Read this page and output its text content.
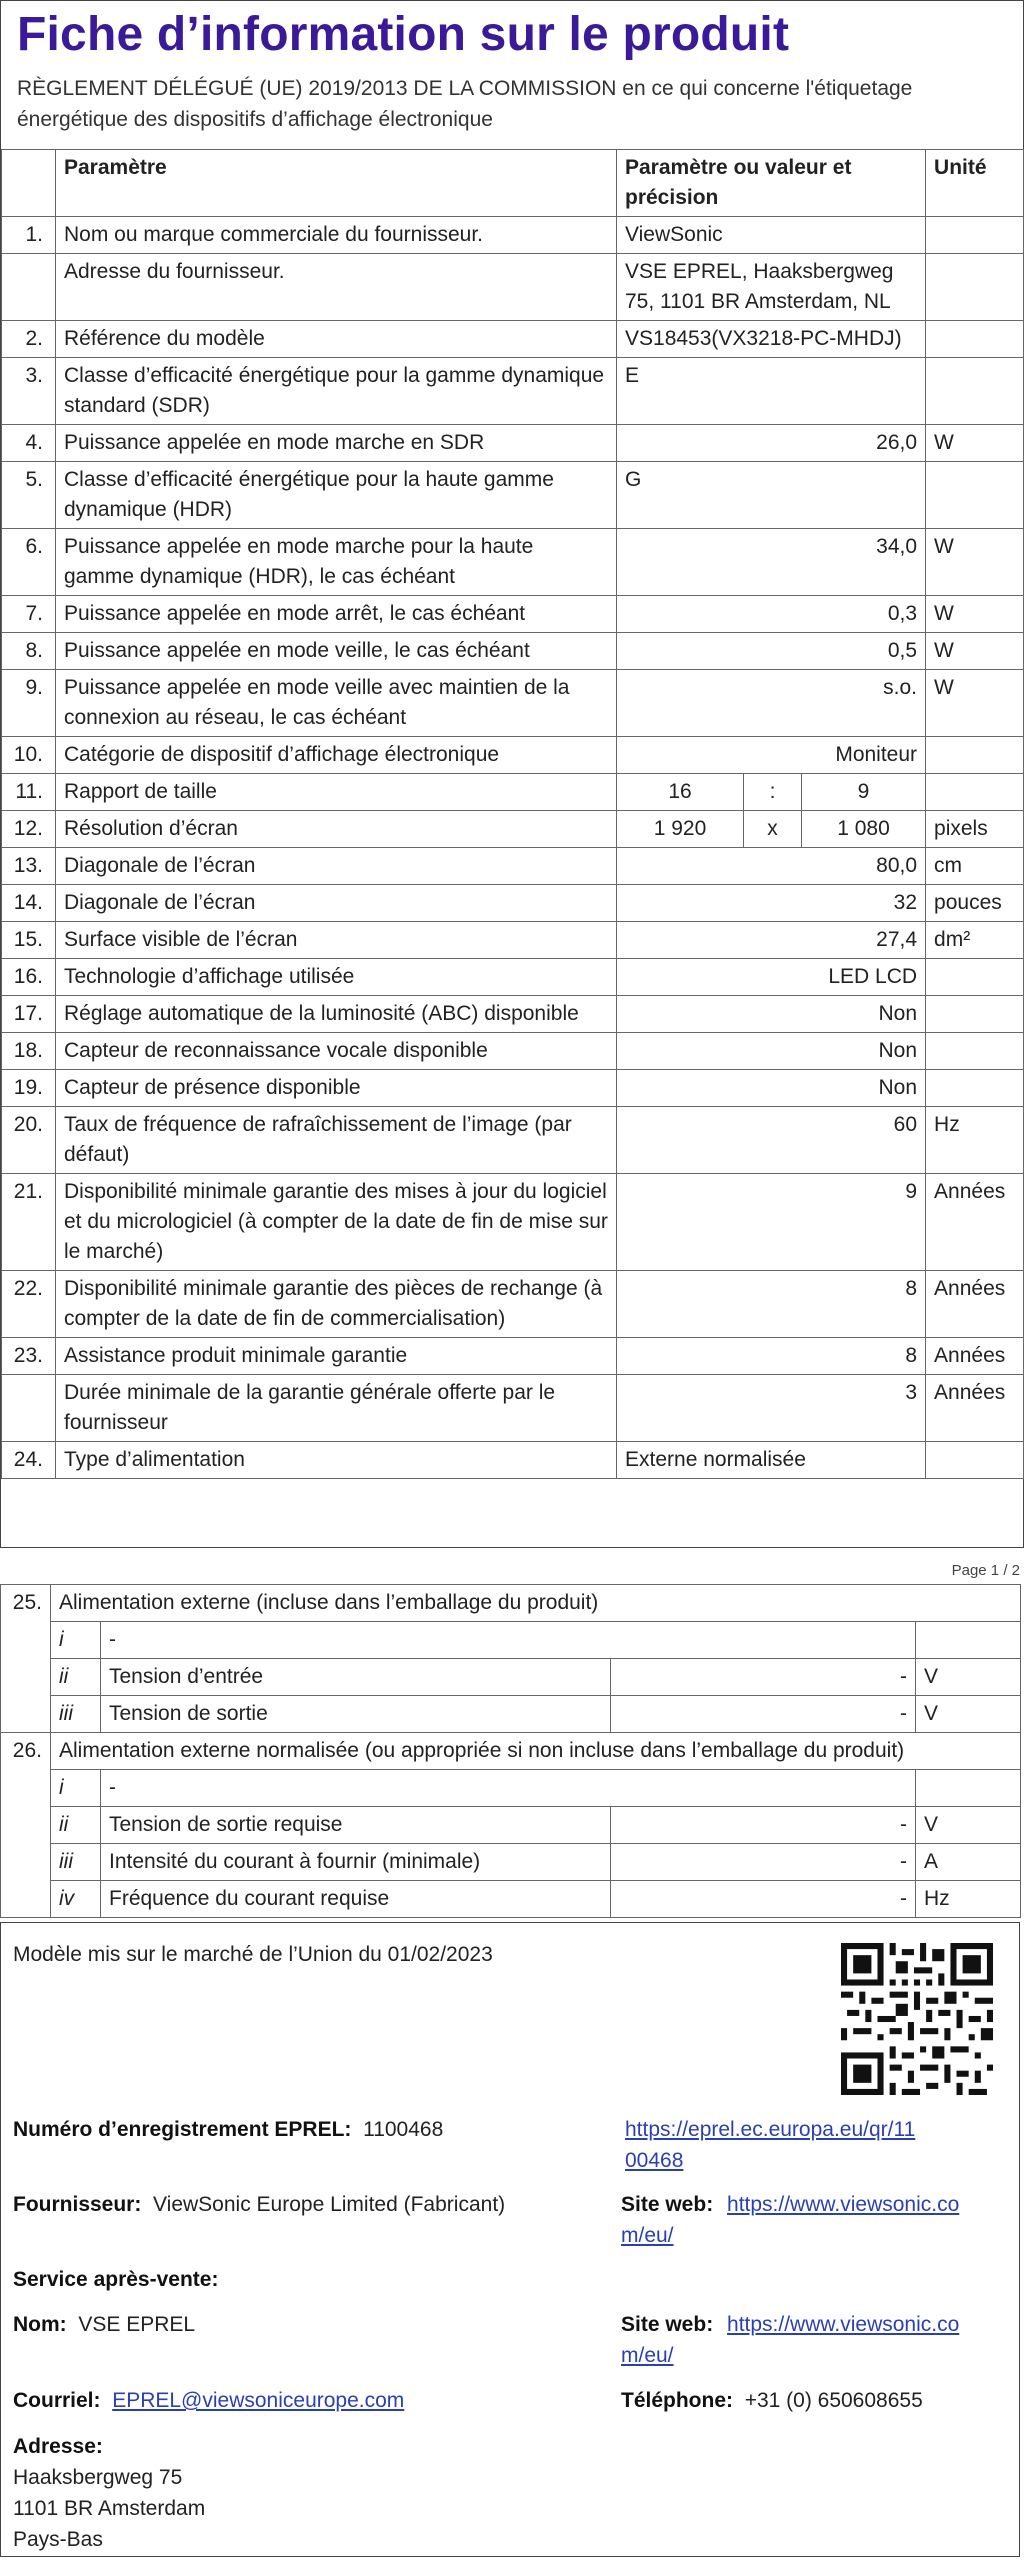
Fiche d’information sur le produit
RÈGLEMENT DÉLÉGUÉ (UE) 2019/2013 DE LA COMMISSION en ce qui concerne l'étiquetage
énergétique des dispositifs d’affichage électronique
	Paramètre	Paramètre ou valeur et précision			Unité
1.	Nom ou marque commerciale du fournisseur.	ViewSonic			
	Adresse du fournisseur.	VSE EPREL, Haaksbergweg 75, 1101 BR Amsterdam, NL			
2.	Référence du modèle	VS18453(VX3218-PC-MHDJ)			
3.	Classe d’efficacité énergétique pour la gamme dynamique standard (SDR)	E			
4.	Puissance appelée en mode marche en SDR	26,0			W
5.	Classe d’efficacité énergétique pour la haute gamme dynamique (HDR)	G			
6.	Puissance appelée en mode marche pour la haute gamme dynamique (HDR), le cas échéant	34,0			W
7.	Puissance appelée en mode arrêt, le cas échéant	0,3			W
8.	Puissance appelée en mode veille, le cas échéant	0,5			W
9.	Puissance appelée en mode veille avec maintien de la connexion au réseau, le cas échéant	s.o.			W
10.	Catégorie de dispositif d’affichage électronique	Moniteur			
11.	Rapport de taille	16	:	9	
12.	Résolution d’écran	1 920	x	1 080	pixels
13.	Diagonale de l’écran	80,0			cm
14.	Diagonale de l’écran	32			pouces
15.	Surface visible de l’écran	27,4			dm²
16.	Technologie d’affichage utilisée	LED LCD			
17.	Réglage automatique de la luminosité (ABC) disponible	Non			
18.	Capteur de reconnaissance vocale disponible	Non			
19.	Capteur de présence disponible	Non			
20.	Taux de fréquence de rafraîchissement de l’image (par défaut)	60			Hz
21.	Disponibilité minimale garantie des mises à jour du logiciel et du micrologiciel (à compter de la date de fin de mise sur le marché)	9			Années
22.	Disponibilité minimale garantie des pièces de rechange (à compter de la date de fin de commercialisation)	8			Années
23.	Assistance produit minimale garantie	8			Années
	Durée minimale de la garantie générale offerte par le fournisseur	3			Années
24.	Type d’alimentation	Externe normalisée			
Page 1 / 2
25.	Alimentation externe (incluse dans l’emballage du produit)			
	i	-		
	ii	Tension d’entrée	-	V
	iii	Tension de sortie	-	V
26.	Alimentation externe normalisée (ou appropriée si non incluse dans l’emballage du produit)			
	i	-		
	ii	Tension de sortie requise	-	V
	iii	Intensité du courant à fournir (minimale)	-	A
	iv	Fréquence du courant requise	-	Hz
Modèle mis sur le marché de l’Union du 01/02/2023
Numéro d’enregistrement EPREL: 1100468	https://eprel.ec.europa.eu/qr/11
00468
Fournisseur: ViewSonic Europe Limited (Fabricant)	Site web: https://www.viewsonic.co
m/eu/
Service après-vente:
Nom: VSE EPREL	Site web: https://www.viewsonic.co
m/eu/
Courriel: EPREL@viewsoniceurope.com	Téléphone: +31 (0) 650608655
Adresse:
Haaksbergweg 75
1101 BR Amsterdam
Pays-Bas
